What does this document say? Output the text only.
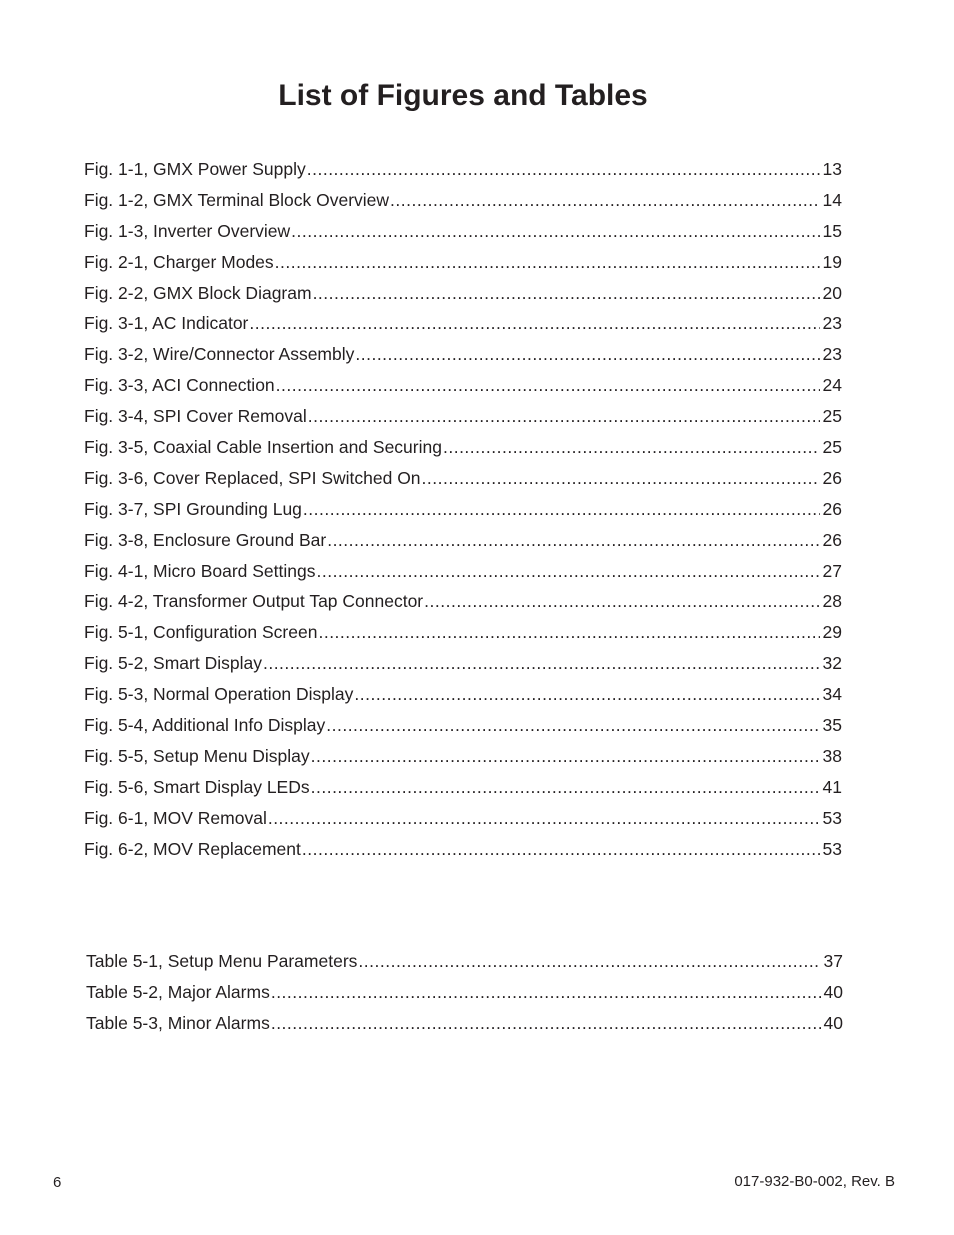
List of Figures and Tables
Fig. 1-1, GMX Power Supply .....	13
Fig. 1-2, GMX Terminal Block Overview .....	14
Fig. 1-3, Inverter Overview .....	15
Fig. 2-1, Charger Modes .....	19
Fig. 2-2, GMX Block Diagram .....	20
Fig. 3-1, AC Indicator .....	23
Fig. 3-2, Wire/Connector Assembly .....	23
Fig. 3-3, ACI Connection .....	24
Fig. 3-4, SPI Cover Removal .....	25
Fig. 3-5, Coaxial Cable Insertion and Securing .....	25
Fig. 3-6, Cover Replaced, SPI Switched On .....	26
Fig. 3-7, SPI Grounding Lug .....	26
Fig. 3-8, Enclosure Ground Bar .....	26
Fig. 4-1, Micro Board Settings .....	27
Fig. 4-2, Transformer Output Tap Connector .....	28
Fig. 5-1, Configuration Screen .....	29
Fig. 5-2, Smart Display .....	32
Fig. 5-3, Normal Operation Display .....	34
Fig. 5-4, Additional Info Display .....	35
Fig. 5-5, Setup Menu Display .....	38
Fig. 5-6, Smart Display LEDs .....	41
Fig. 6-1, MOV Removal .....	53
Fig. 6-2, MOV Replacement .....	53
Table 5-1, Setup Menu Parameters .....	37
Table 5-2, Major Alarms .....	40
Table 5-3, Minor Alarms .....	40
6	017-932-B0-002, Rev. B
